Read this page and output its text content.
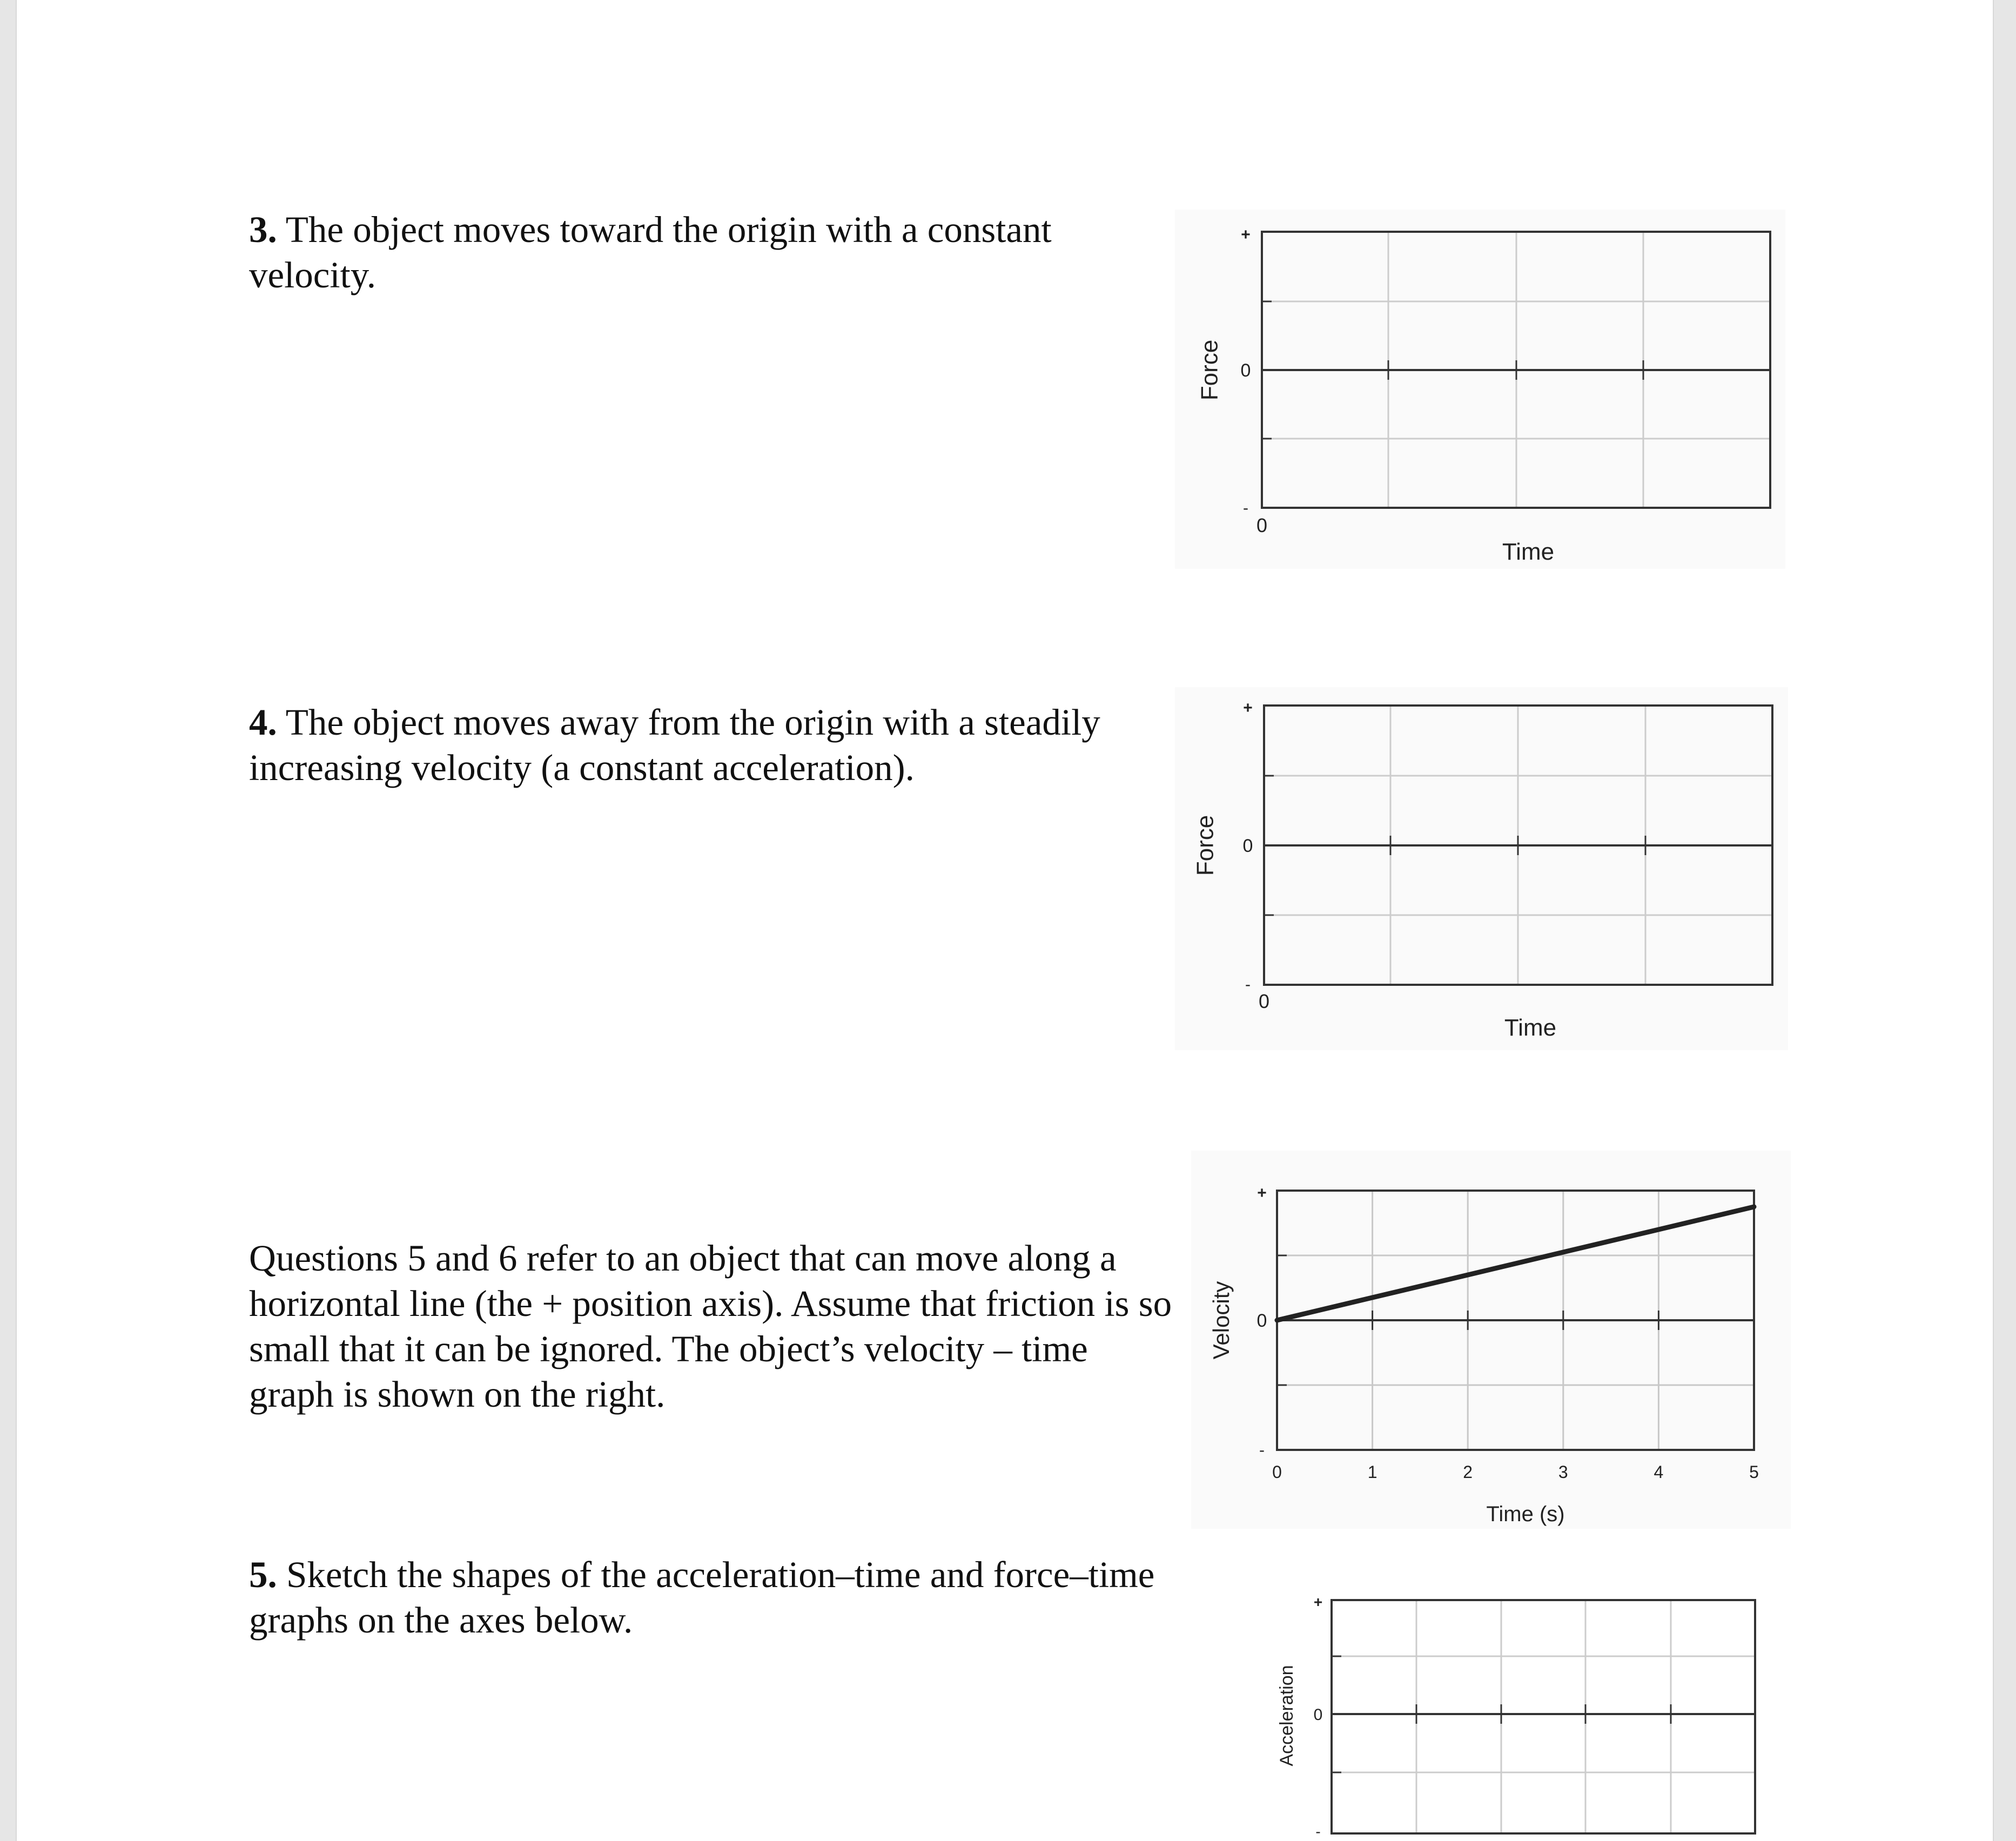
3. The object moves toward the origin with a constant velocity.

4. The object moves away from the origin with a steadily increasing velocity (a constant acceleration).

Questions 5 and 6 refer to an object that can move along a horizontal line (the + position axis). Assume that friction is so small that it can be ignored. The object’s velocity – time graph is shown on the right.

5. Sketch the shapes of the acceleration–time and force–time graphs on the axes below.

+
-
0
0
Time
Force
+
-
0
0
Time
Force
0	1	2	3	4	5
+
-
0
Time (s)
Velocity
+
-
0
Acceleration
